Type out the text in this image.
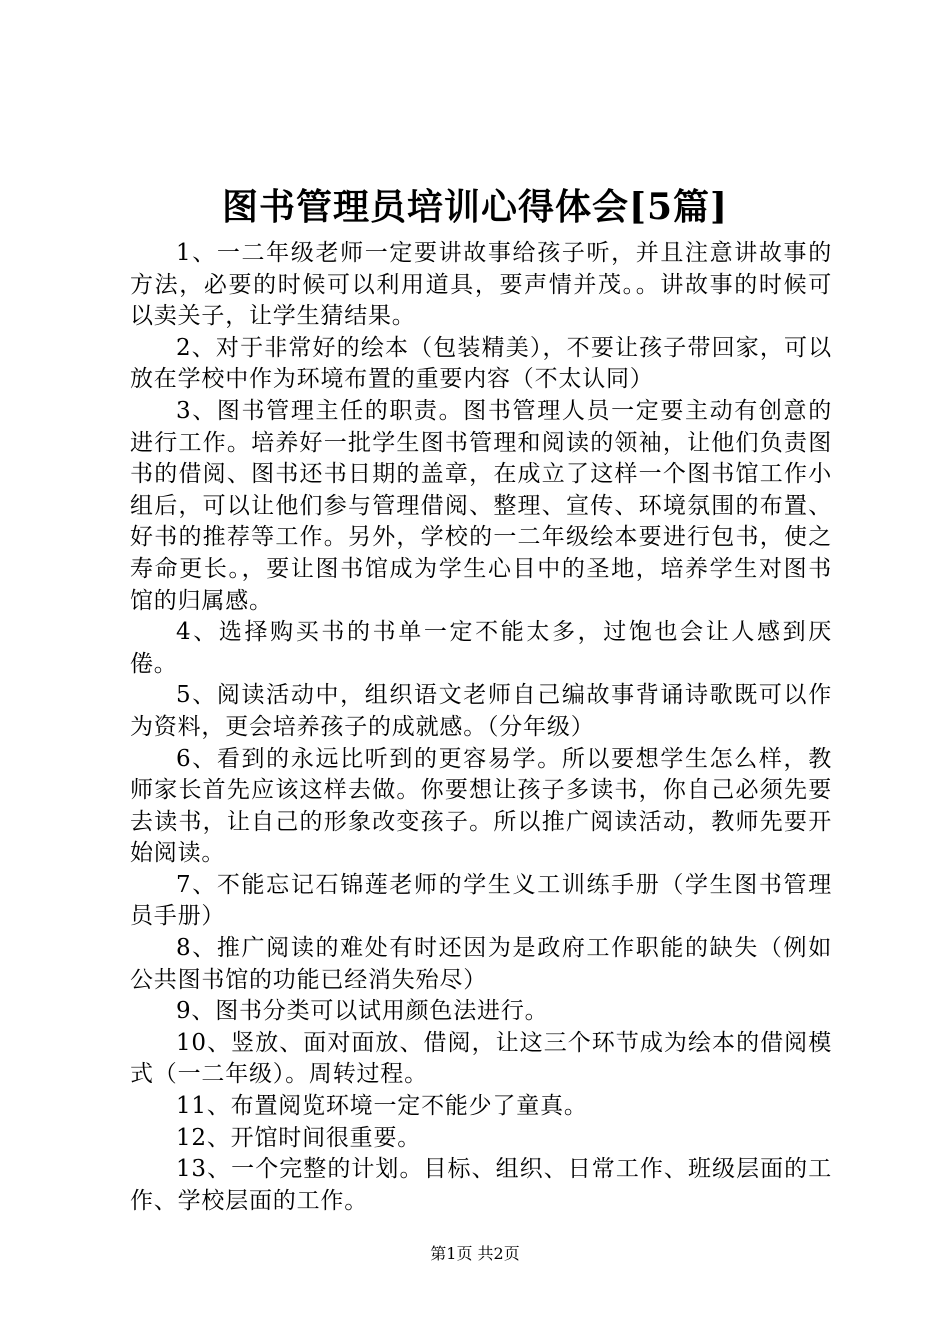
图书管理员培训心得体会[5篇]

1、一二年级老师一定要讲故事给孩子听，并且注意讲故事的方法，必要的时候可以利用道具，要声情并茂。。讲故事的时候可以卖关子，让学生猜结果。

2、对于非常好的绘本（包装精美），不要让孩子带回家，可以放在学校中作为环境布置的重要内容（不太认同）

3、图书管理主任的职责。图书管理人员一定要主动有创意的进行工作。培养好一批学生图书管理和阅读的领袖，让他们负责图书的借阅、图书还书日期的盖章，在成立了这样一个图书馆工作小组后，可以让他们参与管理借阅、整理、宣传、环境氛围的布置、好书的推荐等工作。另外，学校的一二年级绘本要进行包书，使之寿命更长。，要让图书馆成为学生心目中的圣地，培养学生对图书馆的归属感。

4、选择购买书的书单一定不能太多，过饱也会让人感到厌倦。

5、阅读活动中，组织语文老师自己编故事背诵诗歌既可以作为资料，更会培养孩子的成就感。（分年级）

6、看到的永远比听到的更容易学。所以要想学生怎么样，教师家长首先应该这样去做。你要想让孩子多读书，你自己必须先要去读书，让自己的形象改变孩子。所以推广阅读活动，教师先要开始阅读。

7、不能忘记石锦莲老师的学生义工训练手册（学生图书管理员手册）

8、推广阅读的难处有时还因为是政府工作职能的缺失（例如公共图书馆的功能已经消失殆尽）

9、图书分类可以试用颜色法进行。

10、竖放、面对面放、借阅，让这三个环节成为绘本的借阅模式（一二年级）。周转过程。

11、布置阅览环境一定不能少了童真。

12、开馆时间很重要。

13、一个完整的计划。目标、组织、日常工作、班级层面的工作、学校层面的工作。

第1页 共2页
